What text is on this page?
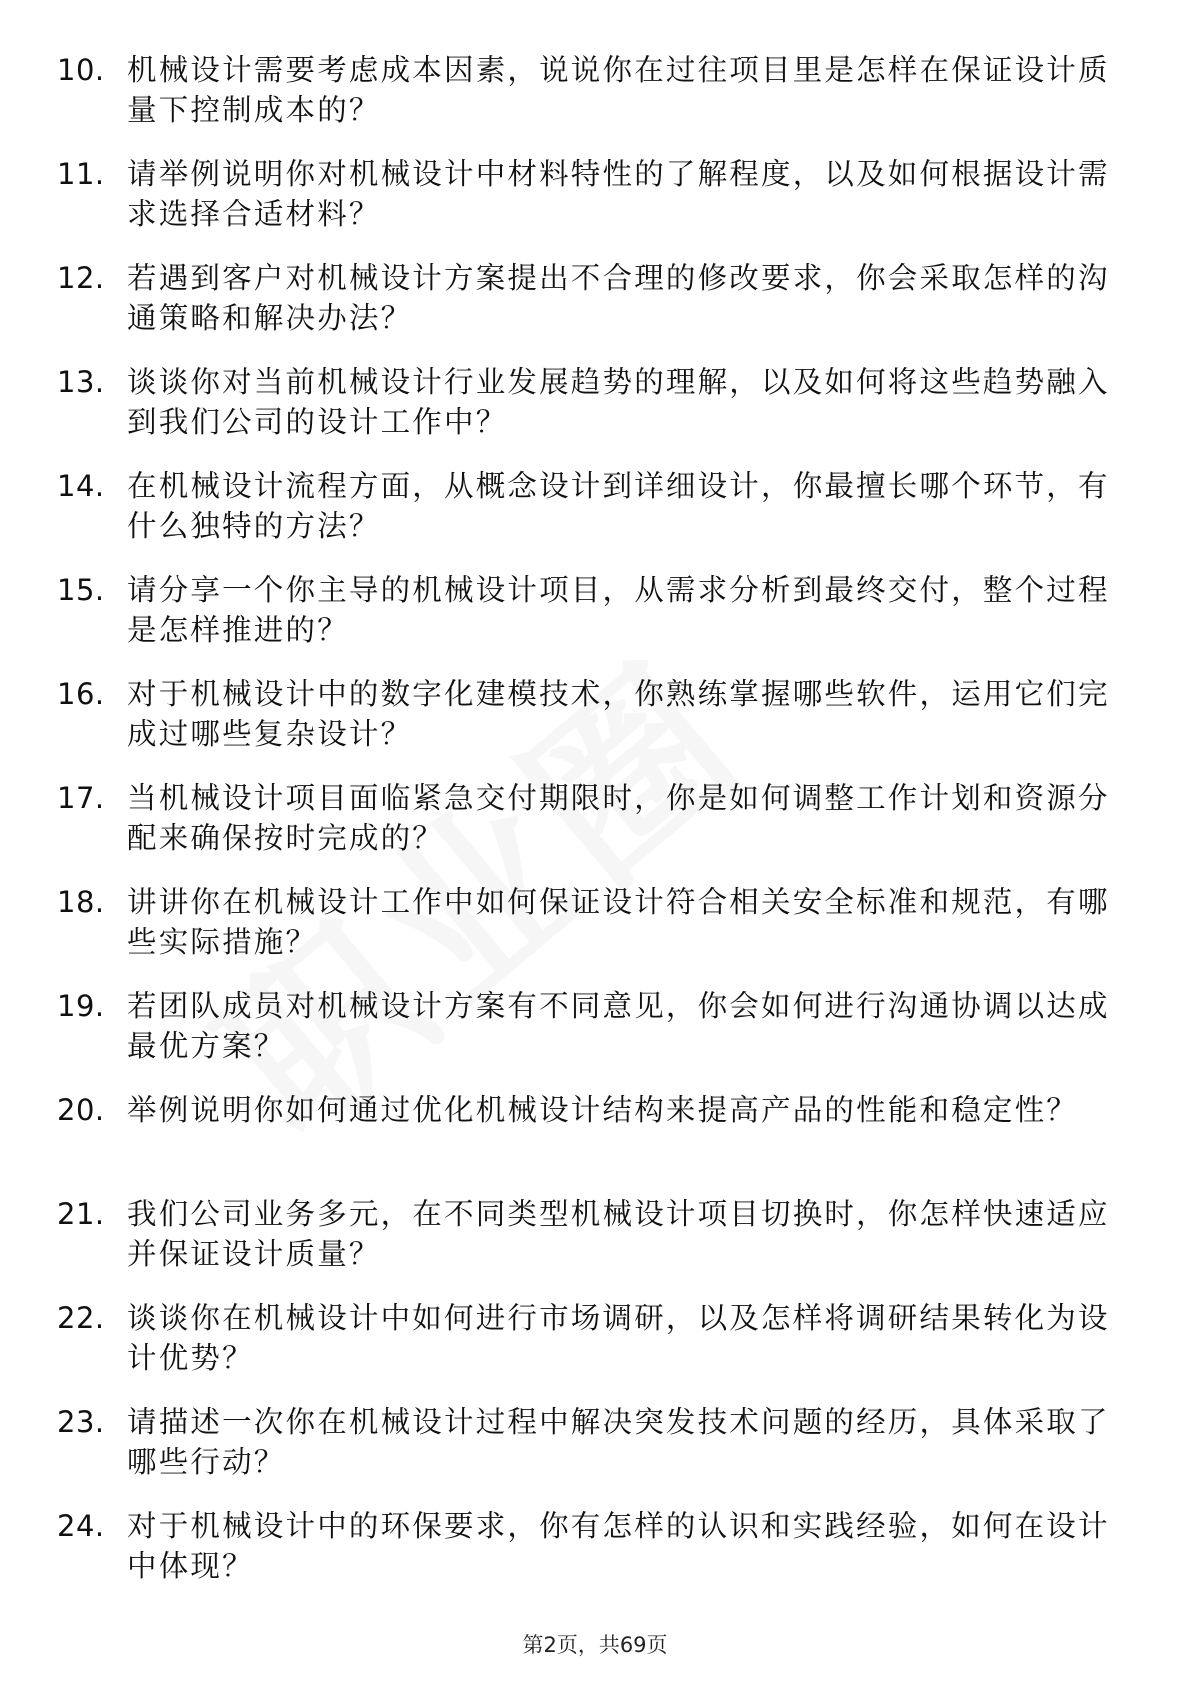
10. 机械设计需要考虑成本因素，说说你在过往项目里是怎样在保证设计质量下控制成本的？
11. 请举例说明你对机械设计中材料特性的了解程度，以及如何根据设计需求选择合适材料？
12. 若遇到客户对机械设计方案提出不合理的修改要求，你会采取怎样的沟通策略和解决办法？
13. 谈谈你对当前机械设计行业发展趋势的理解，以及如何将这些趋势融入到我们公司的设计工作中？
14. 在机械设计流程方面，从概念设计到详细设计，你最擅长哪个环节，有什么独特的方法？
15. 请分享一个你主导的机械设计项目，从需求分析到最终交付，整个过程是怎样推进的？
16. 对于机械设计中的数字化建模技术，你熟练掌握哪些软件，运用它们完成过哪些复杂设计？
17. 当机械设计项目面临紧急交付期限时，你是如何调整工作计划和资源分配来确保按时完成的？
18. 讲讲你在机械设计工作中如何保证设计符合相关安全标准和规范，有哪些实际措施？
19. 若团队成员对机械设计方案有不同意见，你会如何进行沟通协调以达成最优方案？
20. 举例说明你如何通过优化机械设计结构来提高产品的性能和稳定性？
21. 我们公司业务多元，在不同类型机械设计项目切换时，你怎样快速适应并保证设计质量？
22. 谈谈你在机械设计中如何进行市场调研，以及怎样将调研结果转化为设计优势？
23. 请描述一次你在机械设计过程中解决突发技术问题的经历，具体采取了哪些行动？
24. 对于机械设计中的环保要求，你有怎样的认识和实践经验，如何在设计中体现？
第2页，共69页
